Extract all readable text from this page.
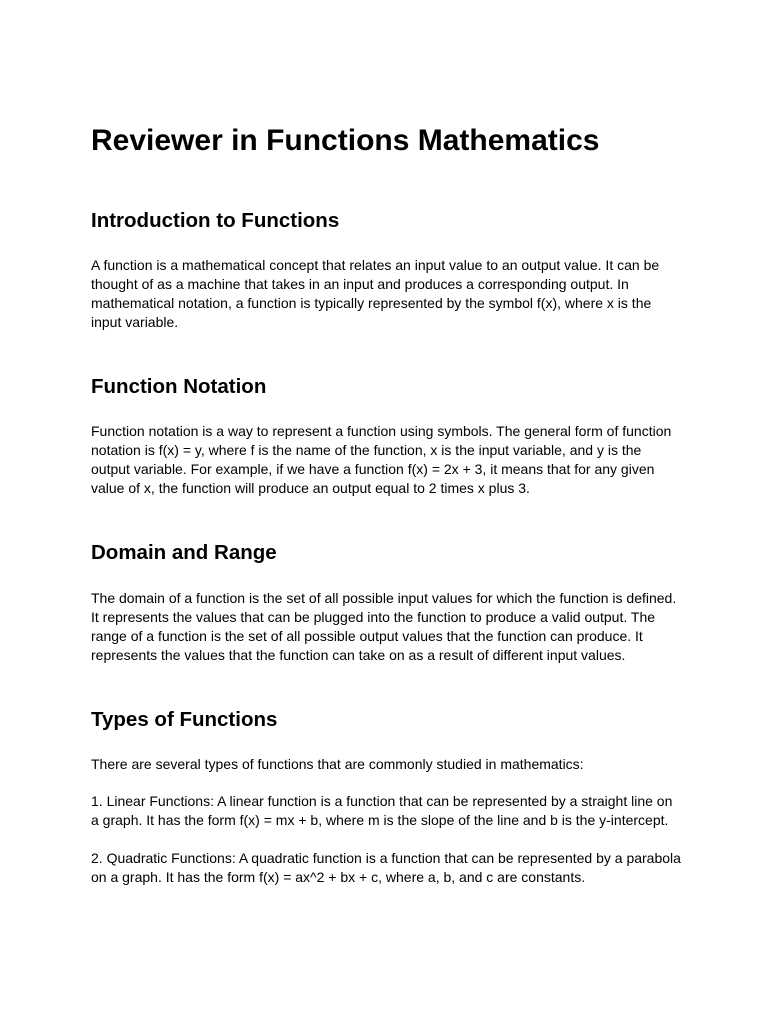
Reviewer in Functions Mathematics
Introduction to Functions

A function is a mathematical concept that relates an input value to an output value. It can be thought of as a machine that takes in an input and produces a corresponding output. In mathematical notation, a function is typically represented by the symbol f(x), where x is the input variable.

Function Notation

Function notation is a way to represent a function using symbols. The general form of function notation is f(x) = y, where f is the name of the function, x is the input variable, and y is the output variable. For example, if we have a function f(x) = 2x + 3, it means that for any given value of x, the function will produce an output equal to 2 times x plus 3.

Domain and Range

The domain of a function is the set of all possible input values for which the function is defined. It represents the values that can be plugged into the function to produce a valid output. The range of a function is the set of all possible output values that the function can produce. It represents the values that the function can take on as a result of different input values.

Types of Functions

There are several types of functions that are commonly studied in mathematics:

1. Linear Functions: A linear function is a function that can be represented by a straight line on a graph. It has the form f(x) = mx + b, where m is the slope of the line and b is the y-intercept.

2. Quadratic Functions: A quadratic function is a function that can be represented by a parabola on a graph. It has the form f(x) = ax^2 + bx + c, where a, b, and c are constants.
